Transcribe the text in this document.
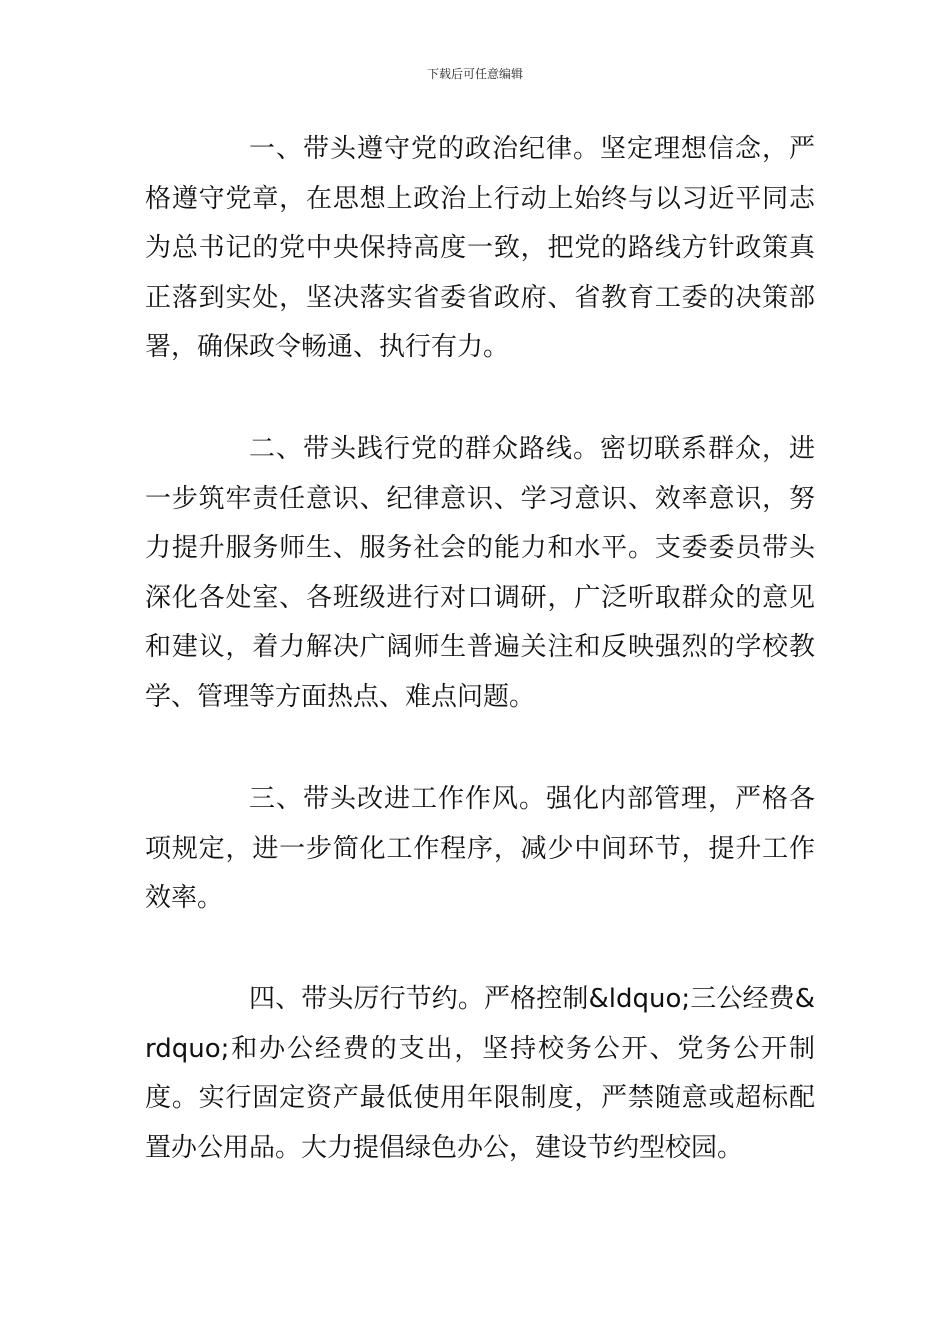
下载后可任意编辑

一、带头遵守党的政治纪律。坚定理想信念，严格遵守党章，在思想上政治上行动上始终与以习近平同志为总书记的党中央保持高度一致，把党的路线方针政策真正落到实处，坚决落实省委省政府、省教育工委的决策部署，确保政令畅通、执行有力。

二、带头践行党的群众路线。密切联系群众，进一步筑牢责任意识、纪律意识、学习意识、效率意识，努力提升服务师生、服务社会的能力和水平。支委委员带头深化各处室、各班级进行对口调研，广泛听取群众的意见和建议，着力解决广阔师生普遍关注和反映强烈的学校教学、管理等方面热点、难点问题。

三、带头改进工作作风。强化内部管理，严格各项规定，进一步简化工作程序，减少中间环节，提升工作效率。

四、带头厉行节约。严格控制&ldquo;三公经费&rdquo;和办公经费的支出，坚持校务公开、党务公开制度。实行固定资产最低使用年限制度，严禁随意或超标配置办公用品。大力提倡绿色办公，建设节约型校园。
